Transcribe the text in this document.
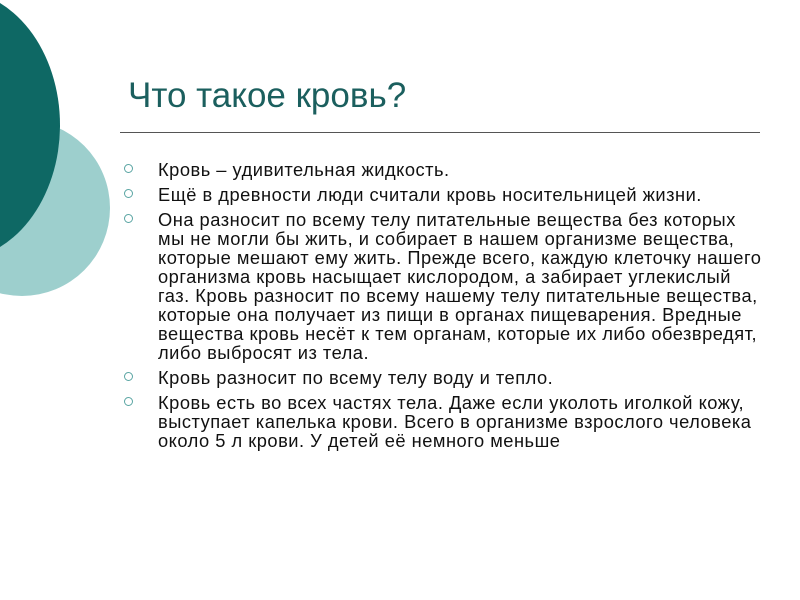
Что такое кровь?
Кровь – удивительная жидкость.
Ещё в древности люди считали кровь носительницей жизни.
Она разносит по всему телу питательные вещества без которых мы не могли бы жить, и собирает в нашем организме вещества, которые мешают ему жить. Прежде всего, каждую клеточку нашего организма кровь насыщает кислородом, а забирает углекислый газ. Кровь разносит по всему нашему телу питательные вещества, которые она получает из пищи в органах пищеварения. Вредные вещества кровь несёт к тем органам, которые их либо обезвредят, либо выбросят из тела.
Кровь разносит по всему телу воду и тепло.
Кровь есть во всех частях тела. Даже если уколоть иголкой кожу, выступает капелька крови. Всего в организме взрослого человека около 5 л крови. У детей её немного меньше
